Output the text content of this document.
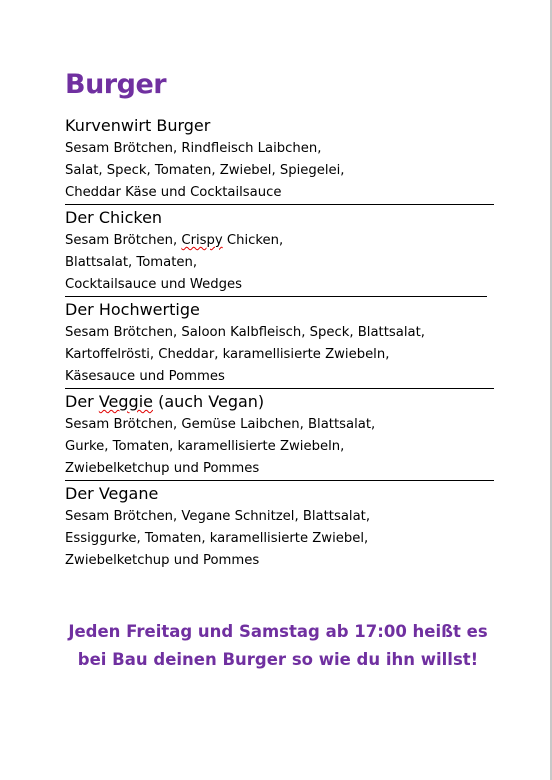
Burger

Kurvenwirt Burger

Sesam Brötchen, Rindfleisch Laibchen,
Salat, Speck, Tomaten, Zwiebel, Spiegelei,
Cheddar Käse und Cocktailsauce

Der Chicken

Sesam Brötchen, Crispy Chicken,
Blattsalat, Tomaten,
Cocktailsauce und Wedges

Der Hochwertige

Sesam Brötchen, Saloon Kalbfleisch, Speck, Blattsalat,
Kartoffelrösti, Cheddar, karamellisierte Zwiebeln,
Käsesauce und Pommes

Der Veggie (auch Vegan)

Sesam Brötchen, Gemüse Laibchen, Blattsalat,
Gurke, Tomaten, karamellisierte Zwiebeln,
Zwiebelketchup und Pommes

Der Vegane

Sesam Brötchen, Vegane Schnitzel, Blattsalat,
Essiggurke, Tomaten, karamellisierte Zwiebel,
Zwiebelketchup und Pommes

Jeden Freitag und Samstag ab 17:00 heißt es
bei Bau deinen Burger so wie du ihn willst!
